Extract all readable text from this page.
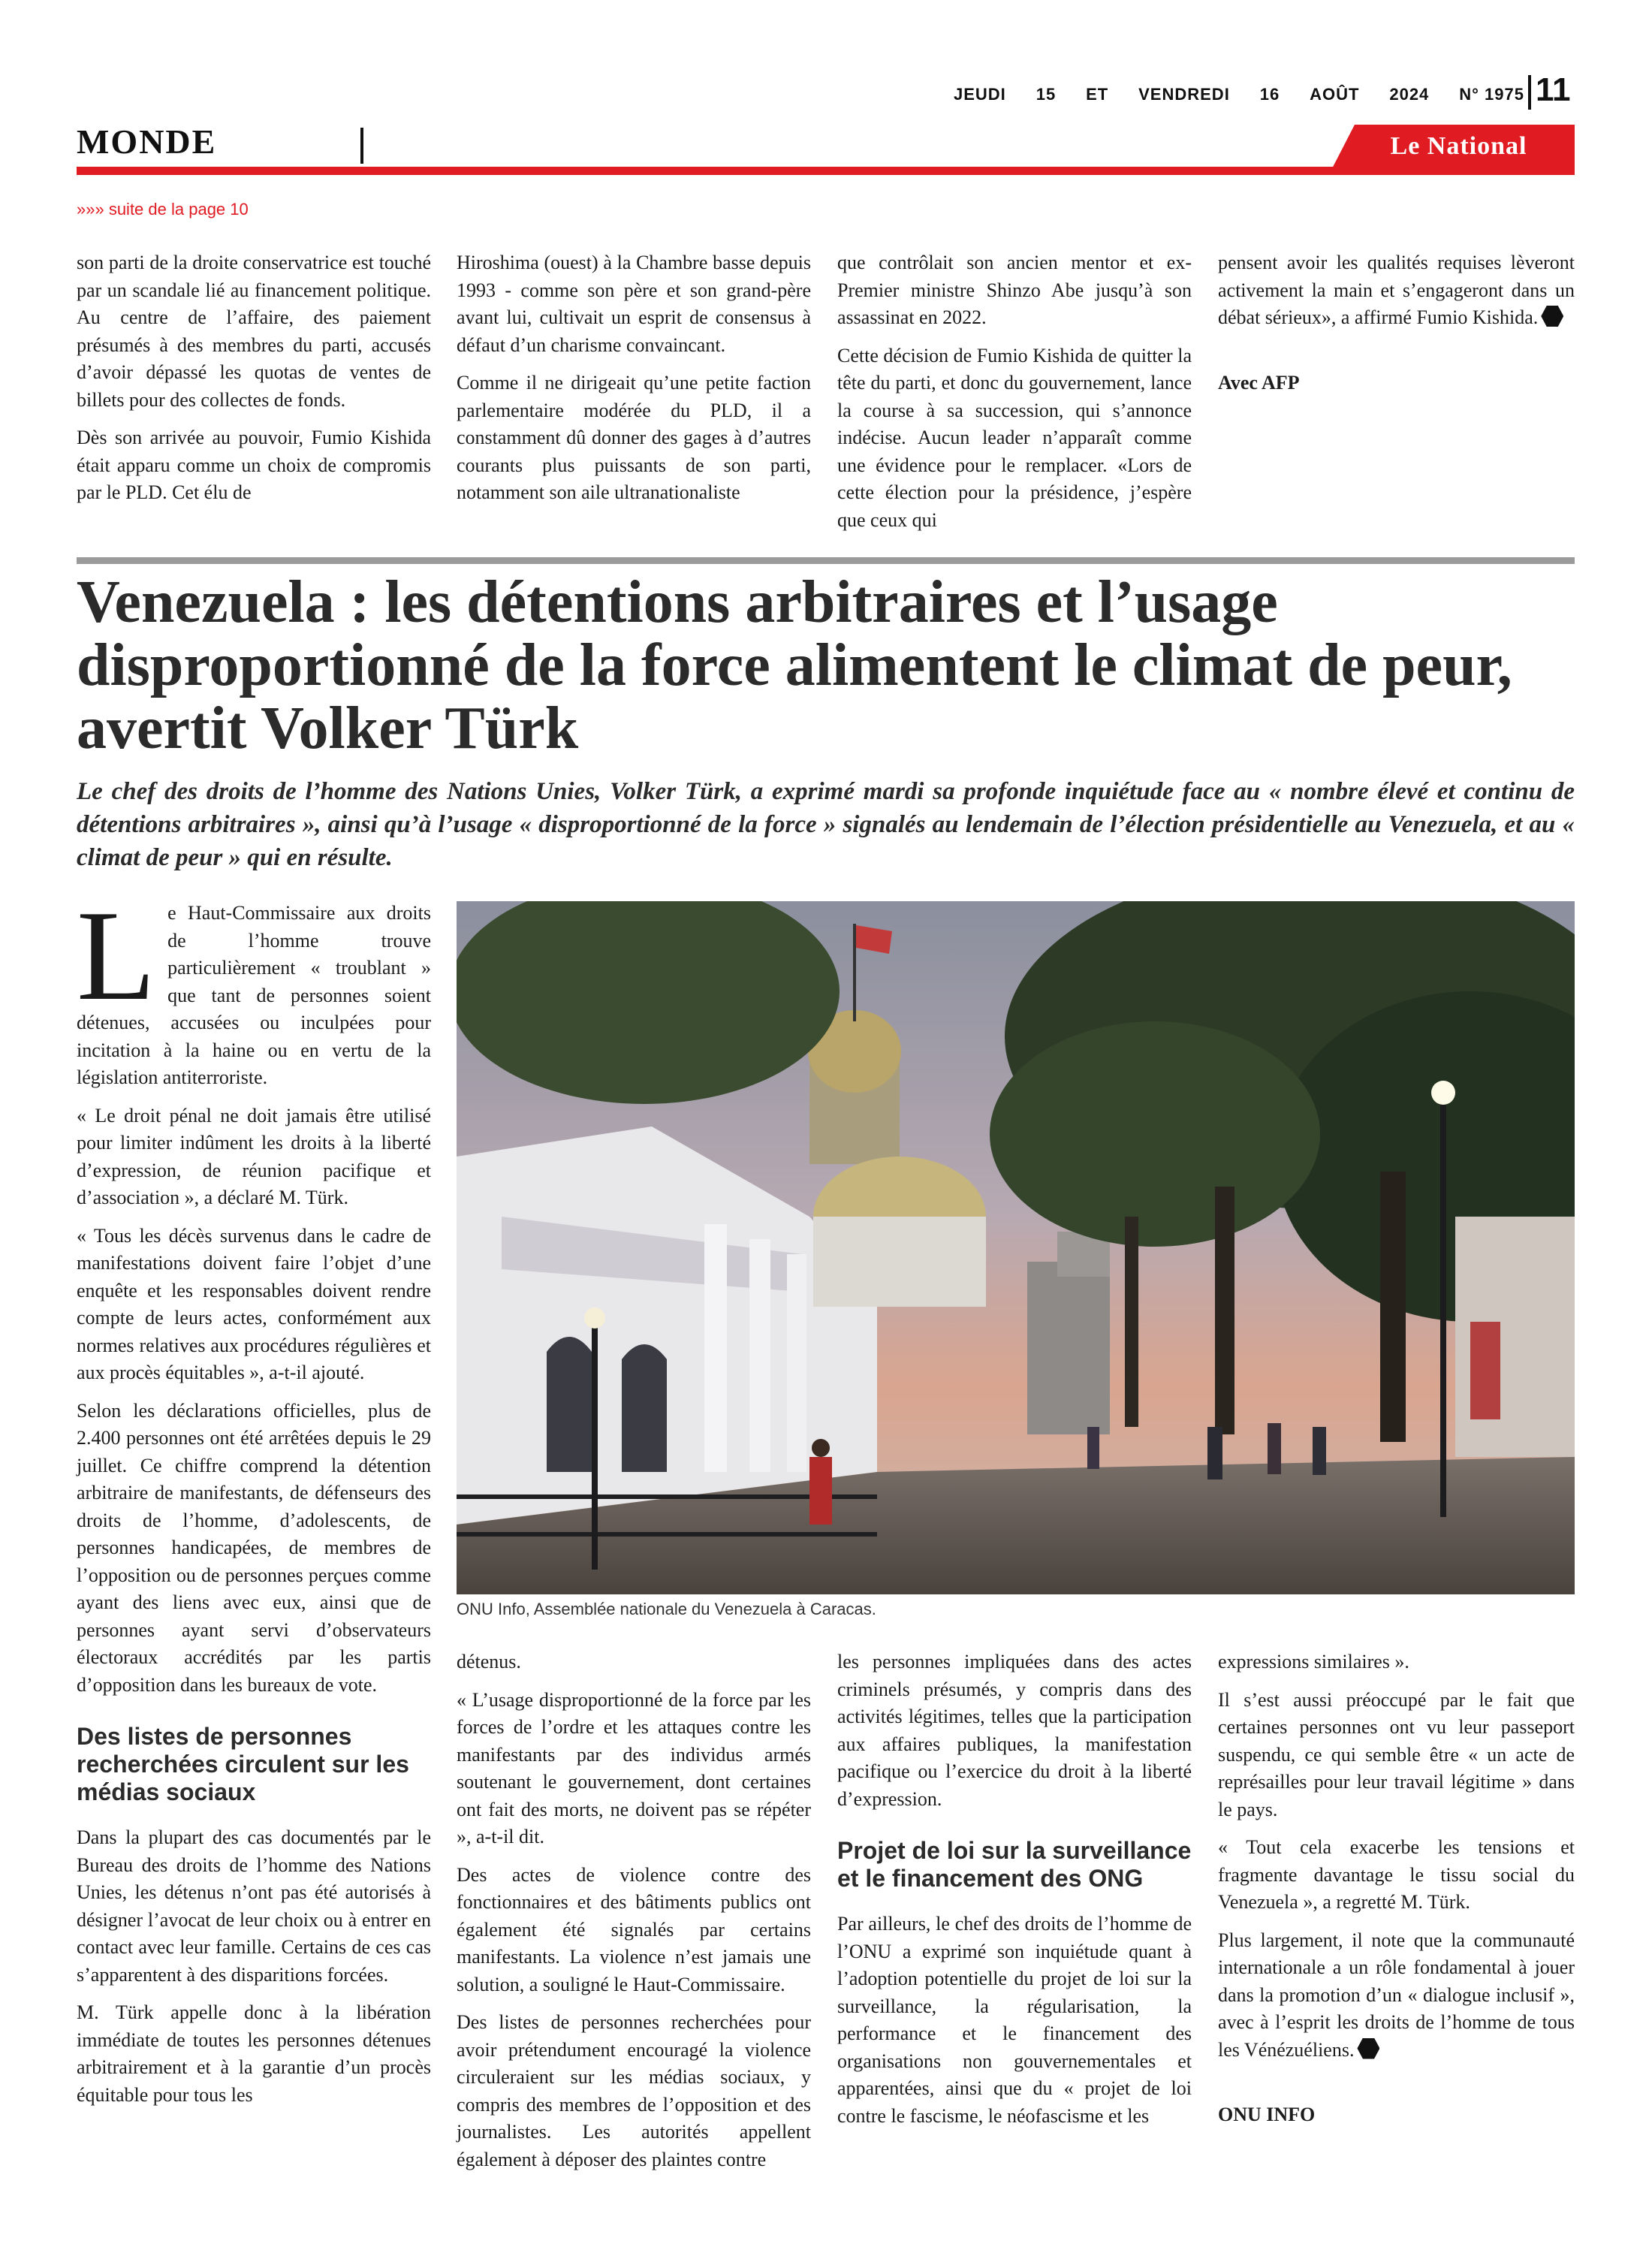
JEUDI 15 ET VENDREDI 16 AOÛT 2024 N° 1975 11
MONDE	Le National
»»» suite de la page 10

son parti de la droite conservatrice est touché par un scandale lié au financement politique. Au centre de l’affaire, des paiement présumés à des membres du parti, accusés d’avoir dépassé les quotas de ventes de billets pour des collectes de fonds.

Dès son arrivée au pouvoir, Fumio Kishida était apparu comme un choix de compromis par le PLD. Cet élu de

Hiroshima (ouest) à la Chambre basse depuis 1993 - comme son père et son grand-père avant lui, cultivait un esprit de consensus à défaut d’un charisme convaincant.

Comme il ne dirigeait qu’une petite faction parlementaire modérée du PLD, il a constamment dû donner des gages à d’autres courants plus puissants de son parti, notamment son aile ultranationaliste

que contrôlait son ancien mentor et ex-Premier ministre Shinzo Abe jusqu’à son assassinat en 2022.

Cette décision de Fumio Kishida de quitter la tête du parti, et donc du gouvernement, lance la course à sa succession, qui s’annonce indécise. Aucun leader n’apparaît comme une évidence pour le remplacer. «Lors de cette élection pour la présidence, j’espère que ceux qui

pensent avoir les qualités requises lèveront activement la main et s’engageront dans un débat sérieux», a affirmé Fumio Kishida.

Avec AFP

Venezuela : les détentions arbitraires et l’usage disproportionné de la force alimentent le climat de peur, avertit Volker Türk
Le chef des droits de l’homme des Nations Unies, Volker Türk, a exprimé mardi sa profonde inquiétude face au « nombre élevé et continu de détentions arbitraires », ainsi qu’à l’usage « disproportionné de la force » signalés au lendemain de l’élection présidentielle au Venezuela, et au « climat de peur » qui en résulte.

Le Haut-Commissaire aux droits de l’homme trouve particulièrement « troublant » que tant de personnes soient détenues, accusées ou inculpées pour incitation à la haine ou en vertu de la législation antiterroriste.

« Le droit pénal ne doit jamais être utilisé pour limiter indûment les droits à la liberté d’expression, de réunion pacifique et d’association », a déclaré M. Türk.

« Tous les décès survenus dans le cadre de manifestations doivent faire l’objet d’une enquête et les responsables doivent rendre compte de leurs actes, conformément aux normes relatives aux procédures régulières et aux procès équitables », a-t-il ajouté.

Selon les déclarations officielles, plus de 2.400 personnes ont été arrêtées depuis le 29 juillet. Ce chiffre comprend la détention arbitraire de manifestants, de défenseurs des droits de l’homme, d’adolescents, de personnes handicapées, de membres de l’opposition ou de personnes perçues comme ayant des liens avec eux, ainsi que de personnes ayant servi d’observateurs électoraux accrédités par les partis d’opposition dans les bureaux de vote.

Des listes de personnes recherchées circulent sur les médias sociaux

Dans la plupart des cas documentés par le Bureau des droits de l’homme des Nations Unies, les détenus n’ont pas été autorisés à désigner l’avocat de leur choix ou à entrer en contact avec leur famille. Certains de ces cas s’apparentent à des disparitions forcées.

M. Türk appelle donc à la libération immédiate de toutes les personnes détenues arbitrairement et à la garantie d’un procès équitable pour tous les

ONU Info, Assemblée nationale du Venezuela à Caracas.

détenus.

« L’usage disproportionné de la force par les forces de l’ordre et les attaques contre les manifestants par des individus armés soutenant le gouvernement, dont certaines ont fait des morts, ne doivent pas se répéter », a-t-il dit.

Des actes de violence contre des fonctionnaires et des bâtiments publics ont également été signalés par certains manifestants. La violence n’est jamais une solution, a souligné le Haut-Commissaire.

Des listes de personnes recherchées pour avoir prétendument encouragé la violence circuleraient sur les médias sociaux, y compris des membres de l’opposition et des journalistes. Les autorités appellent également à déposer des plaintes contre

les personnes impliquées dans des actes criminels présumés, y compris dans des activités légitimes, telles que la participation aux affaires publiques, la manifestation pacifique ou l’exercice du droit à la liberté d’expression.

Projet de loi sur la surveillance et le financement des ONG

Par ailleurs, le chef des droits de l’homme de l’ONU a exprimé son inquiétude quant à l’adoption potentielle du projet de loi sur la surveillance, la régularisation, la performance et le financement des organisations non gouvernementales et apparentées, ainsi que du « projet de loi contre le fascisme, le néofascisme et les

expressions similaires ».

Il s’est aussi préoccupé par le fait que certaines personnes ont vu leur passeport suspendu, ce qui semble être « un acte de représailles pour leur travail légitime » dans le pays.

« Tout cela exacerbe les tensions et fragmente davantage le tissu social du Venezuela », a regretté M. Türk.

Plus largement, il note que la communauté internationale a un rôle fondamental à jouer dans la promotion d’un « dialogue inclusif », avec à l’esprit les droits de l’homme de tous les Vénézuéliens.

ONU INFO
